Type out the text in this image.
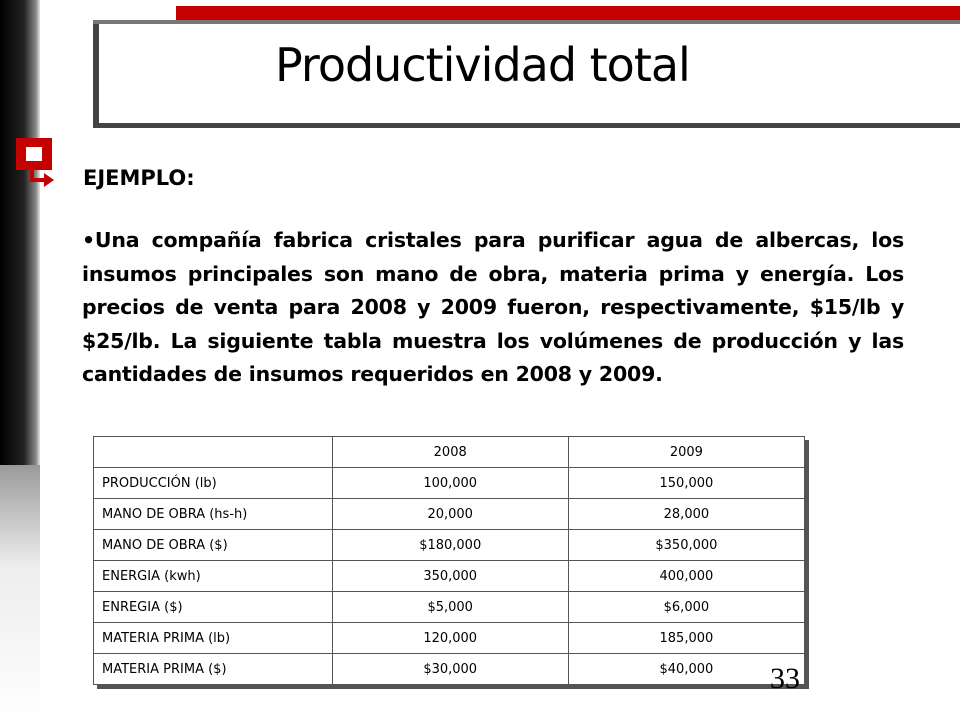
Productividad total

EJEMPLO:

•Una compañía fabrica cristales para purificar agua de albercas, los insumos principales son mano de obra, materia prima y energía. Los precios de venta para 2008 y 2009 fueron, respectivamente, $15/lb y $25/lb. La siguiente tabla muestra los volúmenes de producción y las cantidades de insumos requeridos en 2008 y 2009.

	2008	2009
PRODUCCIÓN (lb)	100,000	150,000
MANO DE OBRA (hs-h)	20,000	28,000
MANO DE OBRA ($)	$180,000	$350,000
ENERGIA (kwh)	350,000	400,000
ENREGIA ($)	$5,000	$6,000
MATERIA PRIMA (lb)	120,000	185,000
MATERIA PRIMA ($)	$30,000	$40,000 33
